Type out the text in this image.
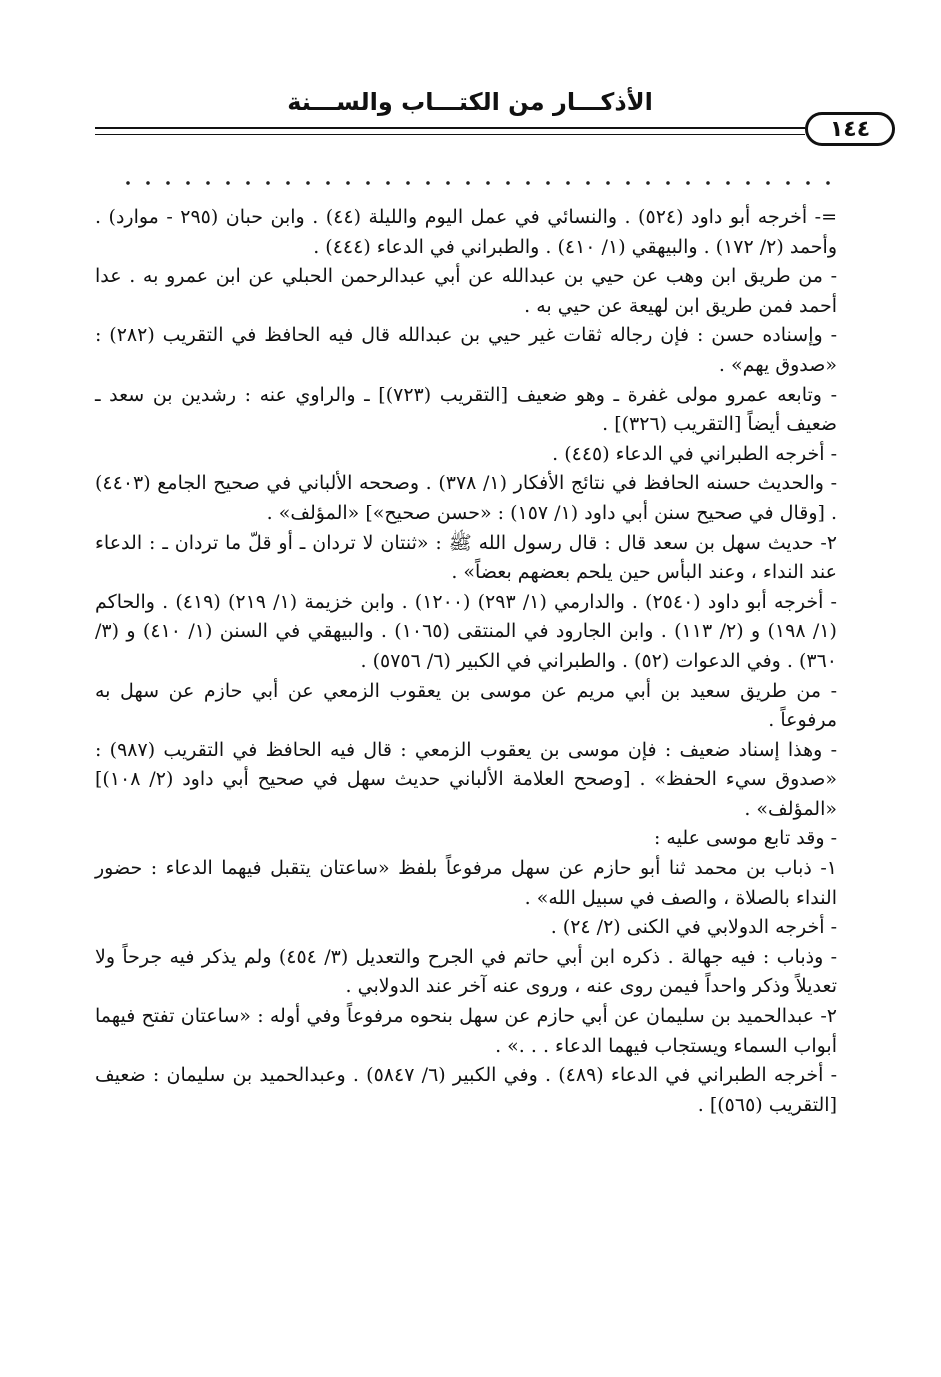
الأذكـــار من الكتـــاب والســـنة
١٤٤

=- أخرجه أبو داود (٥٢٤) . والنسائي في عمل اليوم والليلة (٤٤) . وابن حبان (٢٩٥ - موارد) . وأحمد (٢/ ١٧٢) . والبيهقي (١/ ٤١٠) . والطبراني في الدعاء (٤٤٤) .

- من طريق ابن وهب عن حيي بن عبدالله عن أبي عبدالرحمن الحبلي عن ابن عمرو به . عدا أحمد فمن طريق ابن لهيعة عن حيي به .

- وإسناده حسن : فإن رجاله ثقات غير حيي بن عبدالله قال فيه الحافظ في التقريب (٢٨٢) : «صدوق يهم» .

- وتابعه عمرو مولى غفرة ـ وهو ضعيف [التقريب (٧٢٣)] ـ والراوي عنه : رشدين بن سعد ـ ضعيف أيضاً [التقريب (٣٢٦)] .

- أخرجه الطبراني في الدعاء (٤٤٥) .

- والحديث حسنه الحافظ في نتائج الأفكار (١/ ٣٧٨) . وصححه الألباني في صحيح الجامع (٤٤٠٣) . [وقال في صحيح سنن أبي داود (١/ ١٥٧) : «حسن صحيح»] «المؤلف» .

٢- حديث سهل بن سعد قال : قال رسول الله ﷺ : «ثنتان لا تردان ـ أو قلّ ما تردان ـ : الدعاء عند النداء ، وعند البأس حين يلحم بعضهم بعضاً» .

- أخرجه أبو داود (٢٥٤٠) . والدارمي (١/ ٢٩٣) (١٢٠٠) . وابن خزيمة (١/ ٢١٩) (٤١٩) . والحاكم (١/ ١٩٨) و (٢/ ١١٣) . وابن الجارود في المنتقى (١٠٦٥) . والبيهقي في السنن (١/ ٤١٠) و (٣/ ٣٦٠) . وفي الدعوات (٥٢) . والطبراني في الكبير (٦/ ٥٧٥٦) .

- من طريق سعيد بن أبي مريم عن موسى بن يعقوب الزمعي عن أبي حازم عن سهل به مرفوعاً .

- وهذا إسناد ضعيف : فإن موسى بن يعقوب الزمعي : قال فيه الحافظ في التقريب (٩٨٧) : «صدوق سيء الحفظ» . [وصحح العلامة الألباني حديث سهل في صحيح أبي داود (٢/ ١٠٨)] «المؤلف» .

- وقد تابع موسى عليه :

١- ذباب بن محمد ثنا أبو حازم عن سهل مرفوعاً بلفظ «ساعتان يتقبل فيهما الدعاء : حضور النداء بالصلاة ، والصف في سبيل الله» .

- أخرجه الدولابي في الكنى (٢/ ٢٤) .

- وذباب : فيه جهالة . ذكره ابن أبي حاتم في الجرح والتعديل (٣/ ٤٥٤) ولم يذكر فيه جرحاً ولا تعديلاً وذكر واحداً فيمن روى عنه ، وروى عنه آخر عند الدولابي .

٢- عبدالحميد بن سليمان عن أبي حازم عن سهل بنحوه مرفوعاً وفي أوله : «ساعتان تفتح فيهما أبواب السماء ويستجاب فيهما الدعاء . . .» .

- أخرجه الطبراني في الدعاء (٤٨٩) . وفي الكبير (٦/ ٥٨٤٧) . وعبدالحميد بن سليمان : ضعيف [التقريب (٥٦٥)] .
